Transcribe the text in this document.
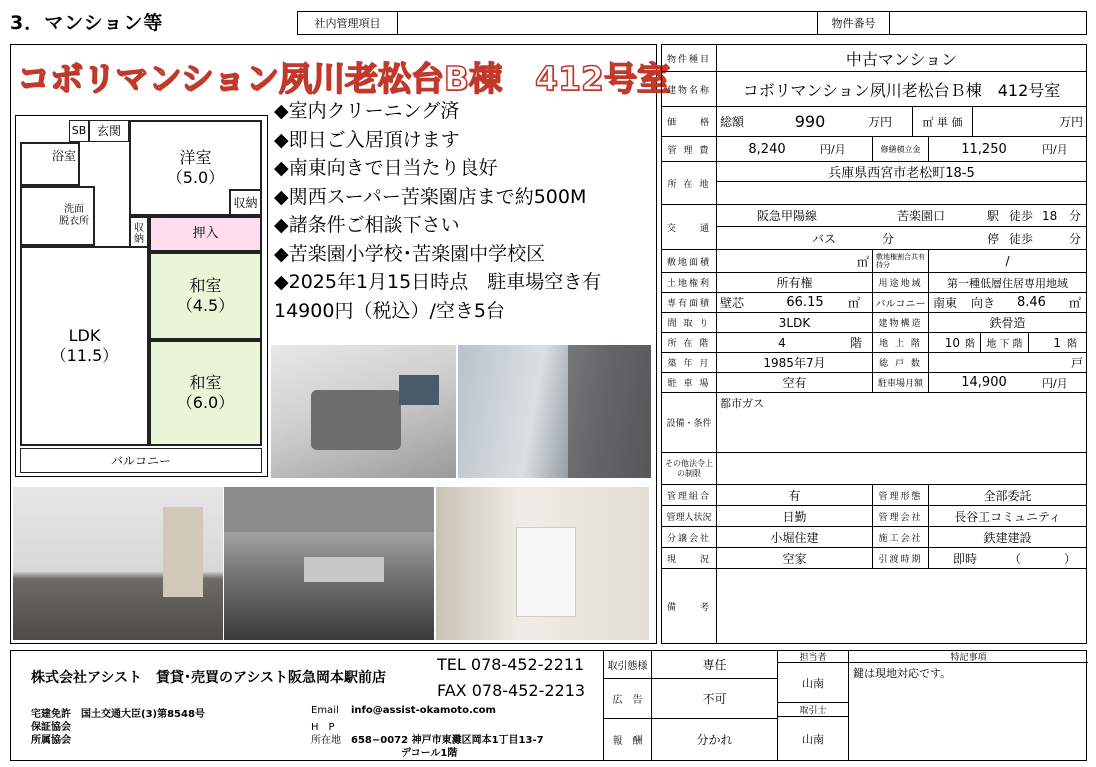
3．マンション等	社内管理項目	物件番号
コボリマンション夙川老松台B棟　412号室
SB 玄関
洋室
（5.0）
収納
浴室
洗面
脱衣所
収
納	押入
和室
（4.5）
和室
（6.0）
LDK
（11.5）
バルコニー
◆室内クリーニング済
◆即日ご入居頂けます
◆南東向きで日当たり良好
◆関西スーパー苦楽園店まで約500M
◆諸条件ご相談下さい
◆苦楽園小学校･苦楽園中学校区
◆2025年1月15日時点　駐車場空き有
14900円（税込）/空き5台
物件種目	中古マンション
建物名称	コボリマンション夙川老松台Ｂ棟　412号室
価　　格 総額	990	万円	㎡ 単 価	万円
管 理 費	8,240	円/月	修繕積立金	11,250	円/月
所 在 地
兵庫県西宮市老松町18-5
交　　通
阪急甲陽線	苦楽園口	駅 徒歩 18 分
バス	分	停 徒歩	分
敷地面積	㎡	敷地権割合共有持分	/
土地権利	所有権	用途地域	第一種低層住居専用地域
専有面積 壁芯	66.15	㎡	バルコニー 南東 向き 8.46 ㎡
間 取 り	3LDK	建物構造	鉄骨造
所 在 階	4	階	地 上 階	10 階	地 下 階	1 階
築 年 月	1985年7月	総 戸 数	戸
駐 車 場	空有	駐車場月額	14,900	円/月
設備・条件
都市ガス
その他法令上の制限
管理組合	有	管理形態	全部委託
管理人状況	日勤	管理会社	長谷工コミュニティ
分譲会社	小堀住建	施工会社	鉄建建設
現　　況	空家	引渡時期	即時	（	）
備　　考
株式会社アシスト　賃貸･売買のアシスト阪急岡本駅前店
TEL 078-452-2211
FAX 078-452-2213
宅建免許 国土交通大臣(3)第8548号
保証協会
所属協会
Email info@assist-okamoto.com
H　P
所在地 658−0072 神戸市東灘区岡本1丁目13-7
デコール1階
取引態様	専任
広　告	不可
報　酬	分かれ
担当者
山南
取引士
山南
特記事項
鍵は現地対応です。
